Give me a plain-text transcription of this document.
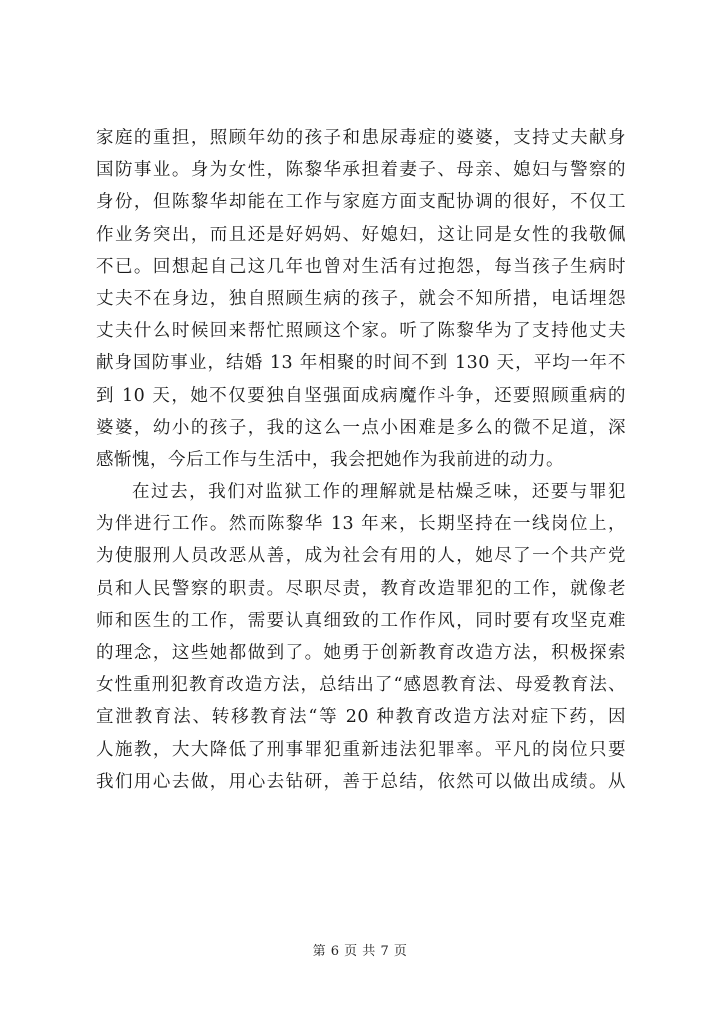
家庭的重担，照顾年幼的孩子和患尿毒症的婆婆，支持丈夫献身
国防事业。身为女性，陈黎华承担着妻子、母亲、媳妇与警察的
身份，但陈黎华却能在工作与家庭方面支配协调的很好，不仅工
作业务突出，而且还是好妈妈、好媳妇，这让同是女性的我敬佩
不已。回想起自己这几年也曾对生活有过抱怨，每当孩子生病时
丈夫不在身边，独自照顾生病的孩子，就会不知所措，电话埋怨
丈夫什么时候回来帮忙照顾这个家。听了陈黎华为了支持他丈夫
献身国防事业，结婚 13 年相聚的时间不到 130 天，平均一年不
到 10 天，她不仅要独自坚强面成病魔作斗争，还要照顾重病的
婆婆，幼小的孩子，我的这么一点小困难是多么的微不足道，深
感惭愧，今后工作与生活中，我会把她作为我前进的动力。
在过去，我们对监狱工作的理解就是枯燥乏味，还要与罪犯
为伴进行工作。然而陈黎华 13 年来，长期坚持在一线岗位上，
为使服刑人员改恶从善，成为社会有用的人，她尽了一个共产党
员和人民警察的职责。尽职尽责，教育改造罪犯的工作，就像老
师和医生的工作，需要认真细致的工作作风，同时要有攻坚克难
的理念，这些她都做到了。她勇于创新教育改造方法，积极探索
女性重刑犯教育改造方法，总结出了“感恩教育法、母爱教育法、
宣泄教育法、转移教育法“等 20 种教育改造方法对症下药，因
人施教，大大降低了刑事罪犯重新违法犯罪率。平凡的岗位只要
我们用心去做，用心去钻研，善于总结，依然可以做出成绩。从
第 6 页 共 7 页
